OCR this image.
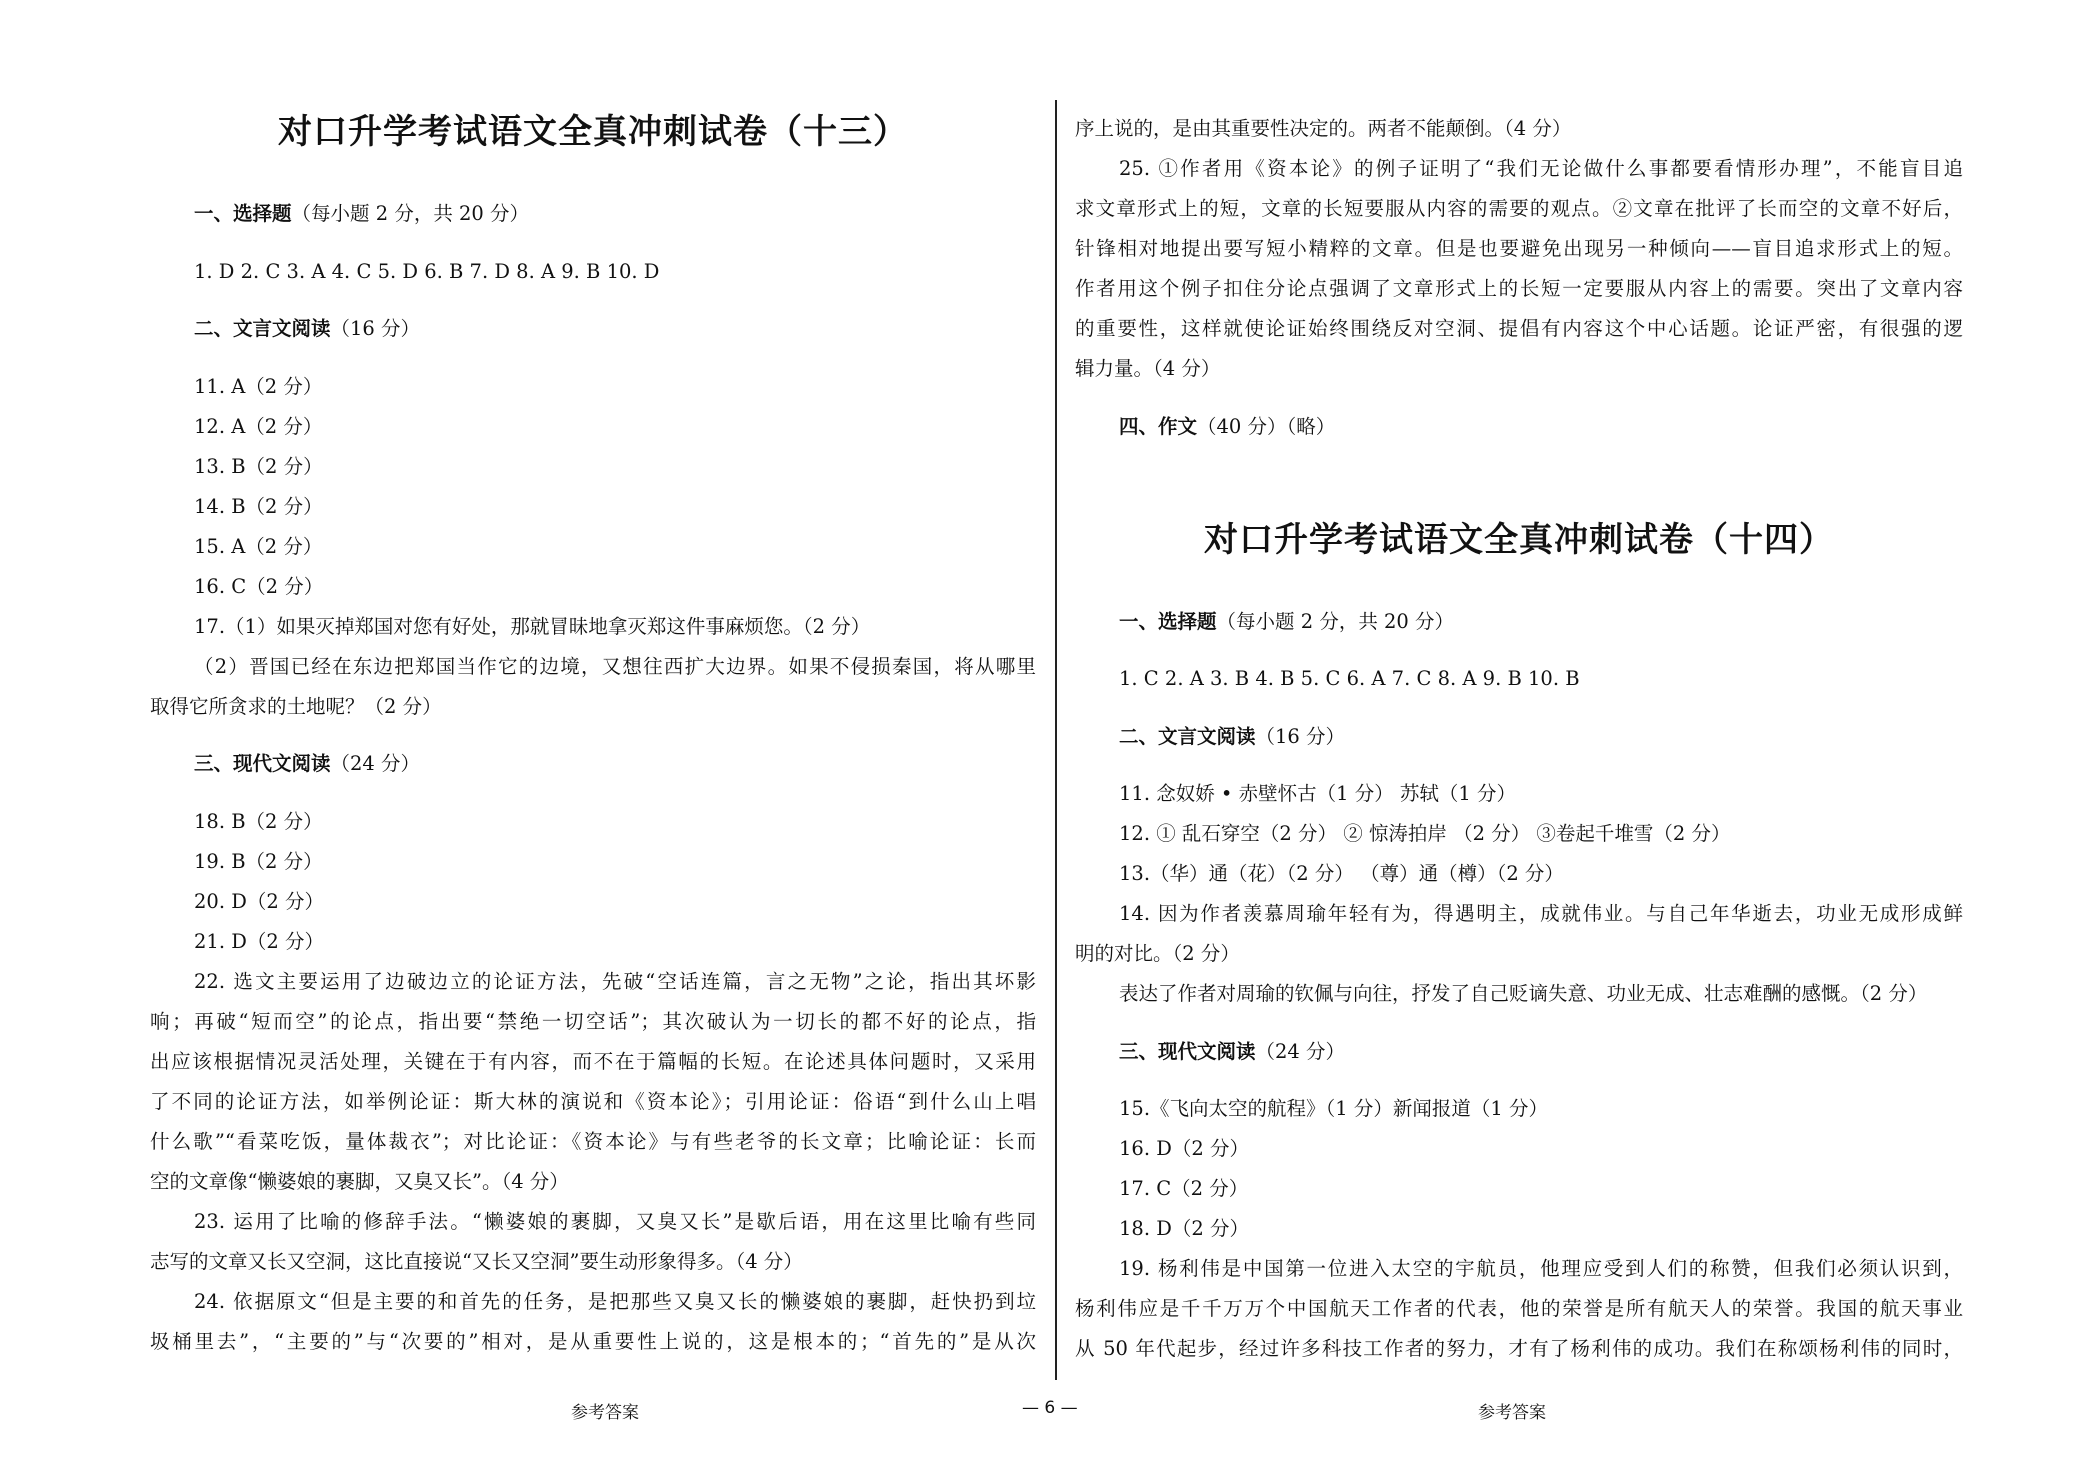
对口升学考试语文全真冲刺试卷（十三）
一、选择题（每小题 2 分，共 20 分）
1. D 2. C 3. A 4. C 5. D 6. B 7. D 8. A 9. B 10. D
二、文言文阅读（16 分）
11. A（2 分）
12. A（2 分）
13. B（2 分）
14. B（2 分）
15. A（2 分）
16. C（2 分）
17.（1）如果灭掉郑国对您有好处，那就冒昧地拿灭郑这件事麻烦您。（2 分）
（2）晋国已经在东边把郑国当作它的边境，又想往西扩大边界。如果不侵损秦国，将从哪里
取得它所贪求的土地呢？（2 分）
三、现代文阅读（24 分）
18. B（2 分）
19. B（2 分）
20. D（2 分）
21. D（2 分）
22. 选文主要运用了边破边立的论证方法，先破“空话连篇，言之无物”之论，指出其坏影
响；再破“短而空”的论点，指出要“禁绝一切空话”；其次破认为一切长的都不好的论点，指
出应该根据情况灵活处理，关键在于有内容，而不在于篇幅的长短。在论述具体问题时，又采用
了不同的论证方法，如举例论证：斯大林的演说和《资本论》；引用论证：俗语“到什么山上唱
什么歌”“看菜吃饭，量体裁衣”；对比论证：《资本论》与有些老爷的长文章；比喻论证：长而
空的文章像“懒婆娘的裹脚，又臭又长”。（4 分）
23. 运用了比喻的修辞手法。“懒婆娘的裹脚，又臭又长”是歇后语，用在这里比喻有些同
志写的文章又长又空洞，这比直接说“又长又空洞”要生动形象得多。（4 分）
24. 依据原文“但是主要的和首先的任务，是把那些又臭又长的懒婆娘的裹脚，赶快扔到垃
圾桶里去”，“主要的”与“次要的”相对，是从重要性上说的，这是根本的；“首先的”是从次
序上说的，是由其重要性决定的。两者不能颠倒。（4 分）
25. ①作者用《资本论》的例子证明了“我们无论做什么事都要看情形办理”，不能盲目追
求文章形式上的短，文章的长短要服从内容的需要的观点。②文章在批评了长而空的文章不好后，
针锋相对地提出要写短小精粹的文章。但是也要避免出现另一种倾向——盲目追求形式上的短。
作者用这个例子扣住分论点强调了文章形式上的长短一定要服从内容上的需要。突出了文章内容
的重要性，这样就使论证始终围绕反对空洞、提倡有内容这个中心话题。论证严密，有很强的逻
辑力量。（4 分）
四、作文（40 分）（略）
对口升学考试语文全真冲刺试卷（十四）
一、选择题（每小题 2 分，共 20 分）
1. C 2. A 3. B 4. B 5. C 6. A 7. C 8. A 9. B 10. B
二、文言文阅读（16 分）
11. 念奴娇 • 赤壁怀古（1 分） 苏轼（1 分）
12. ① 乱石穿空（2 分） ② 惊涛拍岸 （2 分） ③卷起千堆雪（2 分）
13.（华）通（花）（2 分） （尊）通（樽）（2 分）
14. 因为作者羡慕周瑜年轻有为，得遇明主，成就伟业。与自己年华逝去，功业无成形成鲜
明的对比。（2 分）
表达了作者对周瑜的钦佩与向往，抒发了自己贬谪失意、功业无成、壮志难酬的感慨。（2 分）
三、现代文阅读（24 分）
15.《飞向太空的航程》（1 分）新闻报道（1 分）
16. D（2 分）
17. C（2 分）
18. D（2 分）
19. 杨利伟是中国第一位进入太空的宇航员，他理应受到人们的称赞，但我们必须认识到，
杨利伟应是千千万万个中国航天工作者的代表，他的荣誉是所有航天人的荣誉。我国的航天事业
从 50 年代起步，经过许多科技工作者的努力，才有了杨利伟的成功。我们在称颂杨利伟的同时，
参考答案	— 6 —	参考答案
